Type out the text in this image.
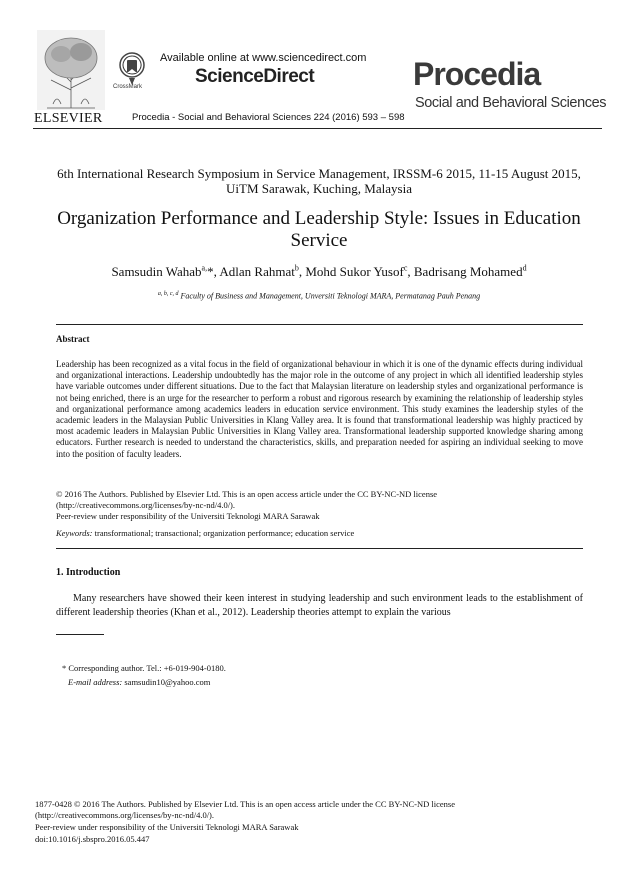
ELSEVIER
CrossMark
Available online at www.sciencedirect.com
ScienceDirect
Procedia - Social and Behavioral Sciences 224 (2016) 593 – 598
Procedia
Social and Behavioral Sciences
6th International Research Symposium in Service Management, IRSSM-6 2015, 11-15 August 2015, UiTM Sarawak, Kuching, Malaysia
Organization Performance and Leadership Style: Issues in Education Service
Samsudin Wahab$^{a,}$*, Adlan Rahmat$^b$, Mohd Sukor Yusof$^c$, Badrisang Mohamed$^d$
$^{a, b, c, d}$ Faculty of Business and Management, Unversiti Teknologi MARA, Permatanag Pauh Penang
Abstract
Leadership has been recognized as a vital focus in the field of organizational behaviour in which it is one of the dynamic effects during individual and organizational interactions. Leadership undoubtedly has the major role in the outcome of any project in which all identified leadership styles have variable outcomes under different situations. Due to the fact that Malaysian literature on leadership styles and organizational performance is not being enriched, there is an urge for the researcher to perform a robust and rigorous research by examining the relationship of leadership styles and organizational performance among academics leaders in education service environment. This study examines the leadership styles of the academic leaders in the Malaysian Public Universities in Klang Valley area. It is found that transformational leadership was highly practiced by most academic leaders in Malaysian Public Universities in Klang Valley area. Transformational leadership supported knowledge sharing among educators. Further research is needed to understand the characteristics, skills, and preparation needed for aspiring an individual seeking to move into the position of faculty leaders.
© 2016 The Authors. Published by Elsevier Ltd. This is an open access article under the CC BY-NC-ND license
(http://creativecommons.org/licenses/by-nc-nd/4.0/).
Peer-review under responsibility of the Universiti Teknologi MARA Sarawak
Keywords: transformational; transactional; organization performance; education service
1. Introduction
Many researchers have showed their keen interest in studying leadership and such environment leads to the establishment of different leadership theories (Khan et al., 2012). Leadership theories attempt to explain the various
* Corresponding author. Tel.: +6-019-904-0180.
E-mail address: samsudin10@yahoo.com
1877-0428 © 2016 The Authors. Published by Elsevier Ltd. This is an open access article under the CC BY-NC-ND license
(http://creativecommons.org/licenses/by-nc-nd/4.0/).
Peer-review under responsibility of the Universiti Teknologi MARA Sarawak
doi:10.1016/j.sbspro.2016.05.447
